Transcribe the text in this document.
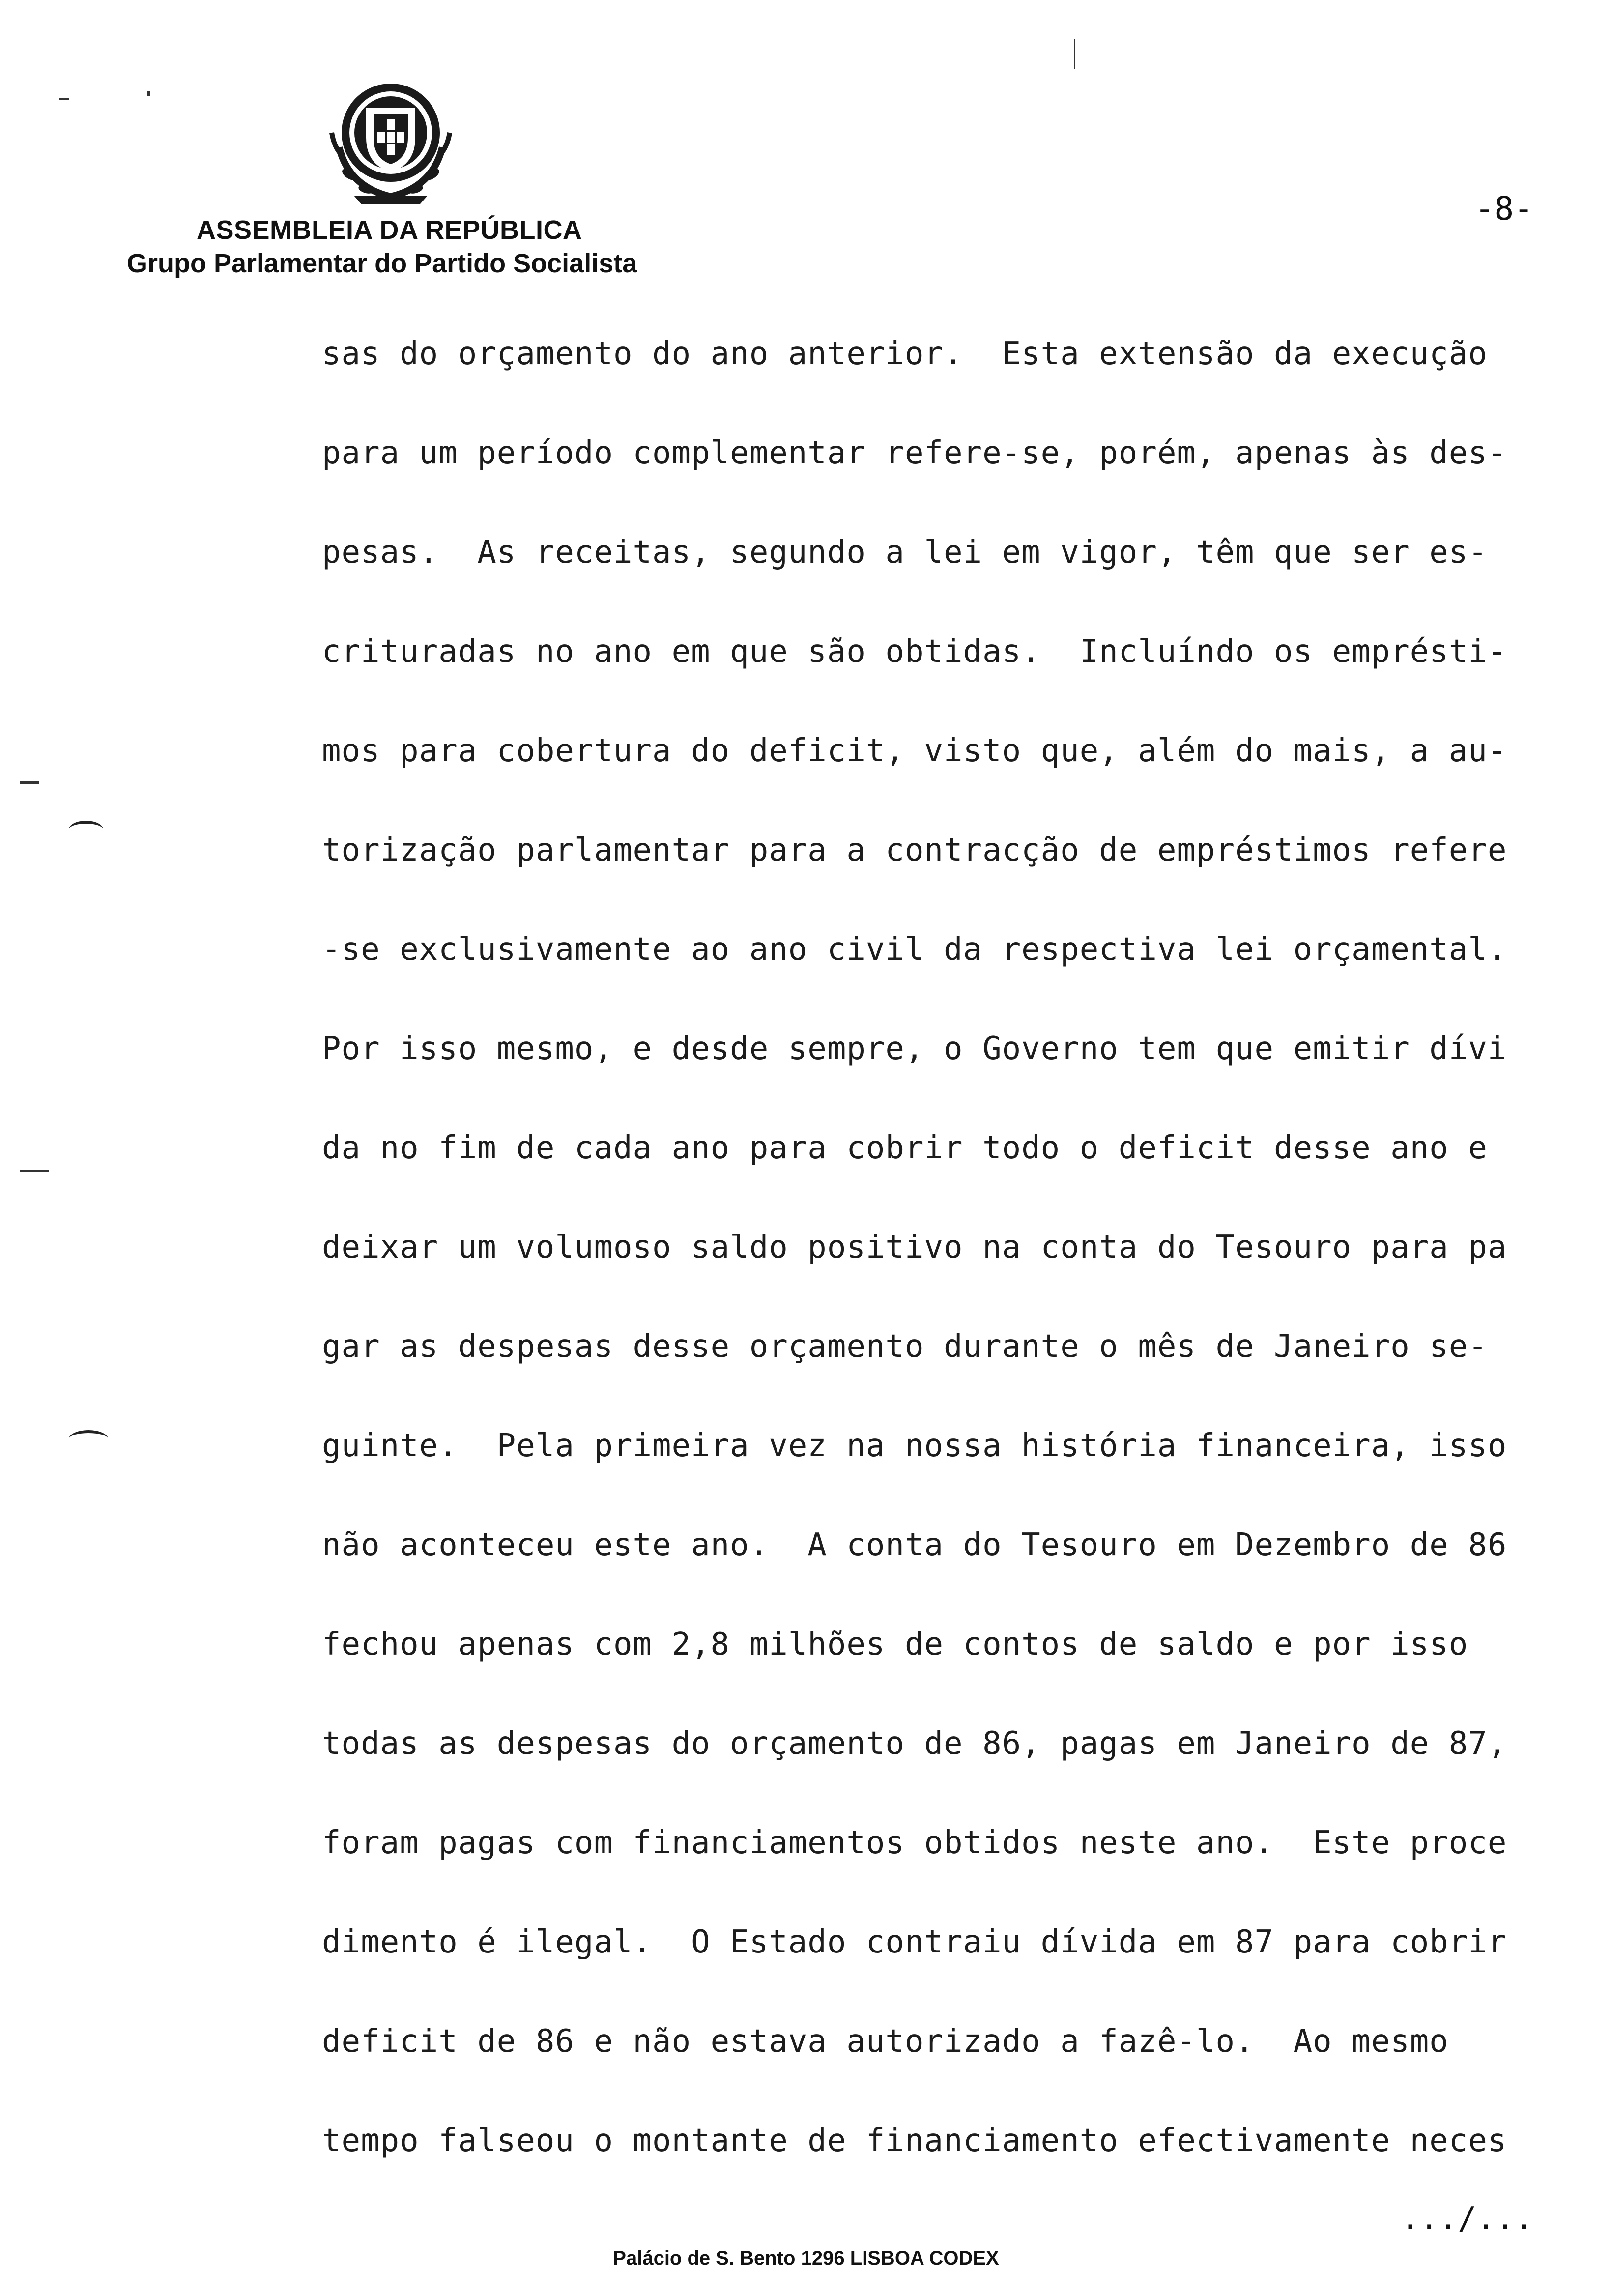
ASSEMBLEIA DA REPÚBLICA
Grupo Parlamentar do Partido Socialista
-8-
sas do orçamento do ano anterior.  Esta extensão da execução
para um período complementar refere-se, porém, apenas às des-
pesas.  As receitas, segundo a lei em vigor, têm que ser es-
crituradas no ano em que são obtidas.  Incluíndo os emprésti-
mos para cobertura do deficit, visto que, além do mais, a au-
torização parlamentar para a contracção de empréstimos refere
-se exclusivamente ao ano civil da respectiva lei orçamental.
Por isso mesmo, e desde sempre, o Governo tem que emitir dívi
da no fim de cada ano para cobrir todo o deficit desse ano e
deixar um volumoso saldo positivo na conta do Tesouro para pa
gar as despesas desse orçamento durante o mês de Janeiro se-
guinte.  Pela primeira vez na nossa história financeira, isso
não aconteceu este ano.  A conta do Tesouro em Dezembro de 86
fechou apenas com 2,8 milhões de contos de saldo e por isso
todas as despesas do orçamento de 86, pagas em Janeiro de 87,
foram pagas com financiamentos obtidos neste ano.  Este proce
dimento é ilegal.  O Estado contraiu dívida em 87 para cobrir
deficit de 86 e não estava autorizado a fazê-lo.  Ao mesmo
tempo falseou o montante de financiamento efectivamente neces
.../...
Palácio de S. Bento 1296 LISBOA CODEX
